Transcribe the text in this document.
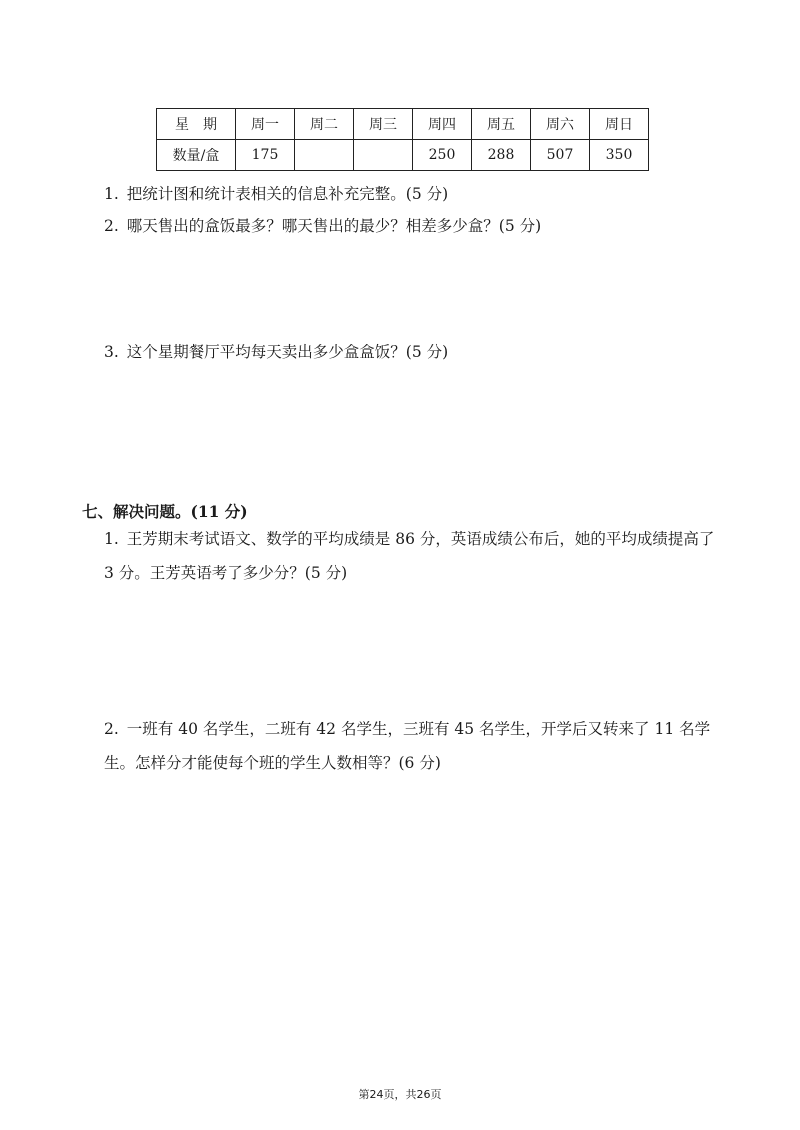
星　期	周一	周二	周三	周四	周五	周六	周日
数量/盒	175			250	288	507	350
1. 把统计图和统计表相关的信息补充完整。(5 分)
2. 哪天售出的盒饭最多？哪天售出的最少？相差多少盒？(5 分)
3. 这个星期餐厅平均每天卖出多少盒盒饭？(5 分)
七、解决问题。(11 分)
1. 王芳期末考试语文、数学的平均成绩是 86 分，英语成绩公布后，她的平均成绩提高了 3 分。王芳英语考了多少分？(5 分)
2. 一班有 40 名学生，二班有 42 名学生，三班有 45 名学生，开学后又转来了 11 名学生。怎样分才能使每个班的学生人数相等？(6 分)
第24页，共26页
